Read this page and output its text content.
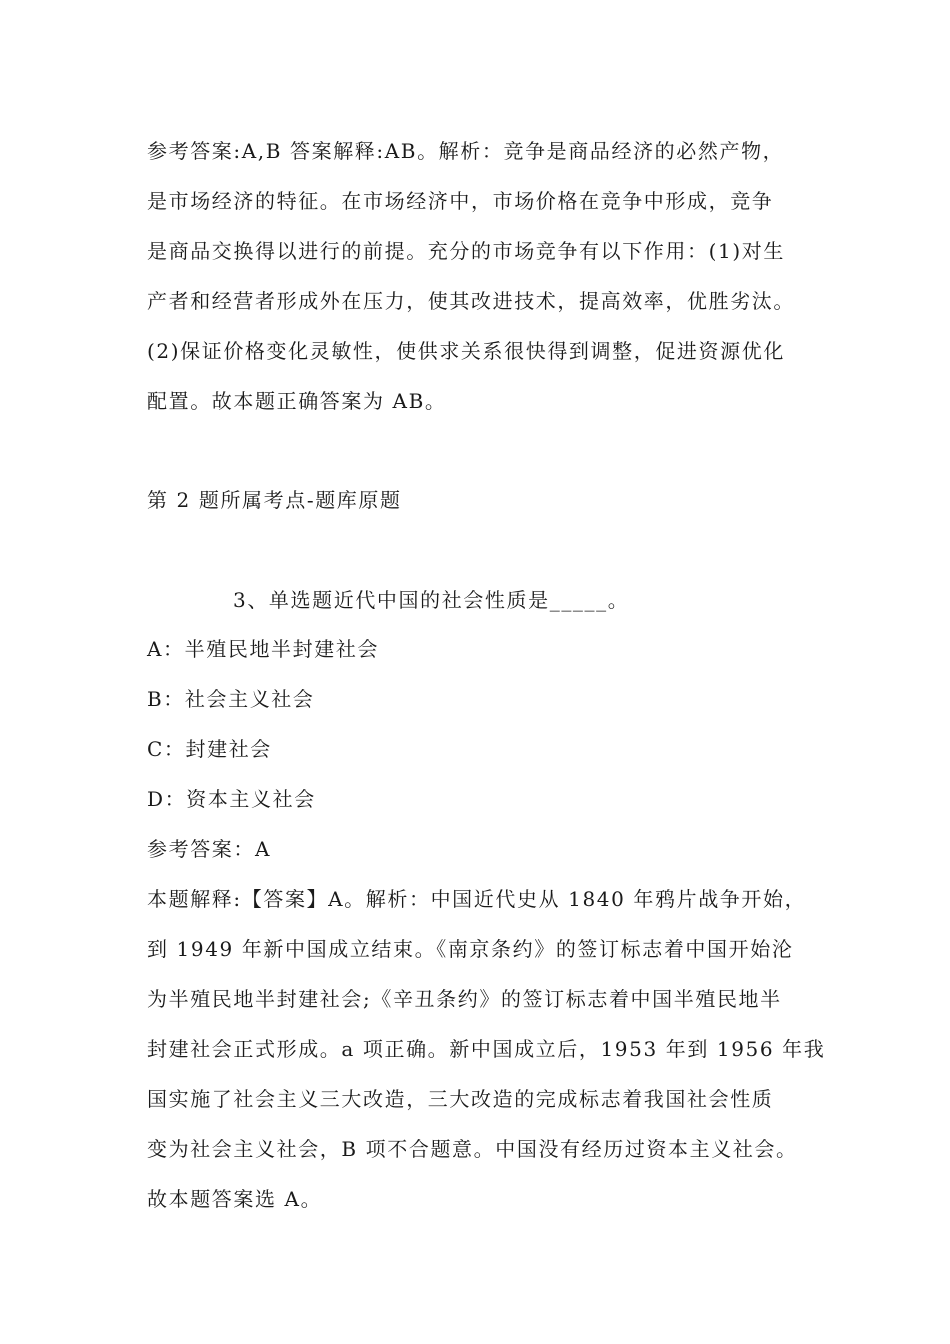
参考答案:A,B 答案解释:AB。解析：竞争是商品经济的必然产物，
是市场经济的特征。在市场经济中，市场价格在竞争中形成，竞争
是商品交换得以进行的前提。充分的市场竞争有以下作用：(1)对生
产者和经营者形成外在压力，使其改进技术，提高效率，优胜劣汰。
(2)保证价格变化灵敏性，使供求关系很快得到调整，促进资源优化
配置。故本题正确答案为 AB。
第 2 题所属考点-题库原题
3、单选题近代中国的社会性质是_____。
A：半殖民地半封建社会
B：社会主义社会
C：封建社会
D：资本主义社会
参考答案：A
本题解释:【答案】A。解析：中国近代史从 1840 年鸦片战争开始，
到 1949 年新中国成立结束。《南京条约》的签订标志着中国开始沦
为半殖民地半封建社会;《辛丑条约》的签订标志着中国半殖民地半
封建社会正式形成。a 项正确。新中国成立后，1953 年到 1956 年我
国实施了社会主义三大改造，三大改造的完成标志着我国社会性质
变为社会主义社会，B 项不合题意。中国没有经历过资本主义社会。
故本题答案选 A。
